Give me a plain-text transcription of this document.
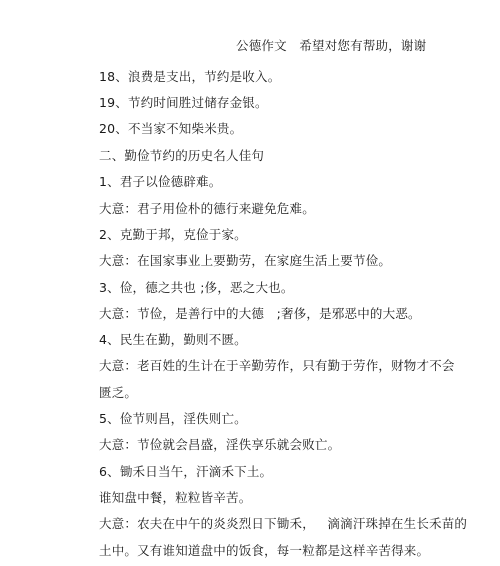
公德作文   希望对您有帮助，谢谢
18、浪费是支出，节约是收入。
19、节约时间胜过储存金银。
20、不当家不知柴米贵。
二、勤俭节约的历史名人佳句
1、君子以俭德辟难。
大意：君子用俭朴的德行来避免危难。
2、克勤于邦，克俭于家。
大意：在国家事业上要勤劳，在家庭生活上要节俭。
3、俭，德之共也 ;侈，恶之大也。
大意：节俭，是善行中的大德   ;奢侈，是邪恶中的大恶。
4、民生在勤，勤则不匮。
大意：老百姓的生计在于辛勤劳作，只有勤于劳作，财物才不会
匮乏。
5、俭节则昌，淫佚则亡。
大意：节俭就会昌盛，淫佚享乐就会败亡。
6、锄禾日当午，汗滴禾下土。
谁知盘中餐，粒粒皆辛苦。
大意：农夫在中午的炎炎烈日下锄禾，   滴滴汗珠掉在生长禾苗的
土中。又有谁知道盘中的饭食，每一粒都是这样辛苦得来。
